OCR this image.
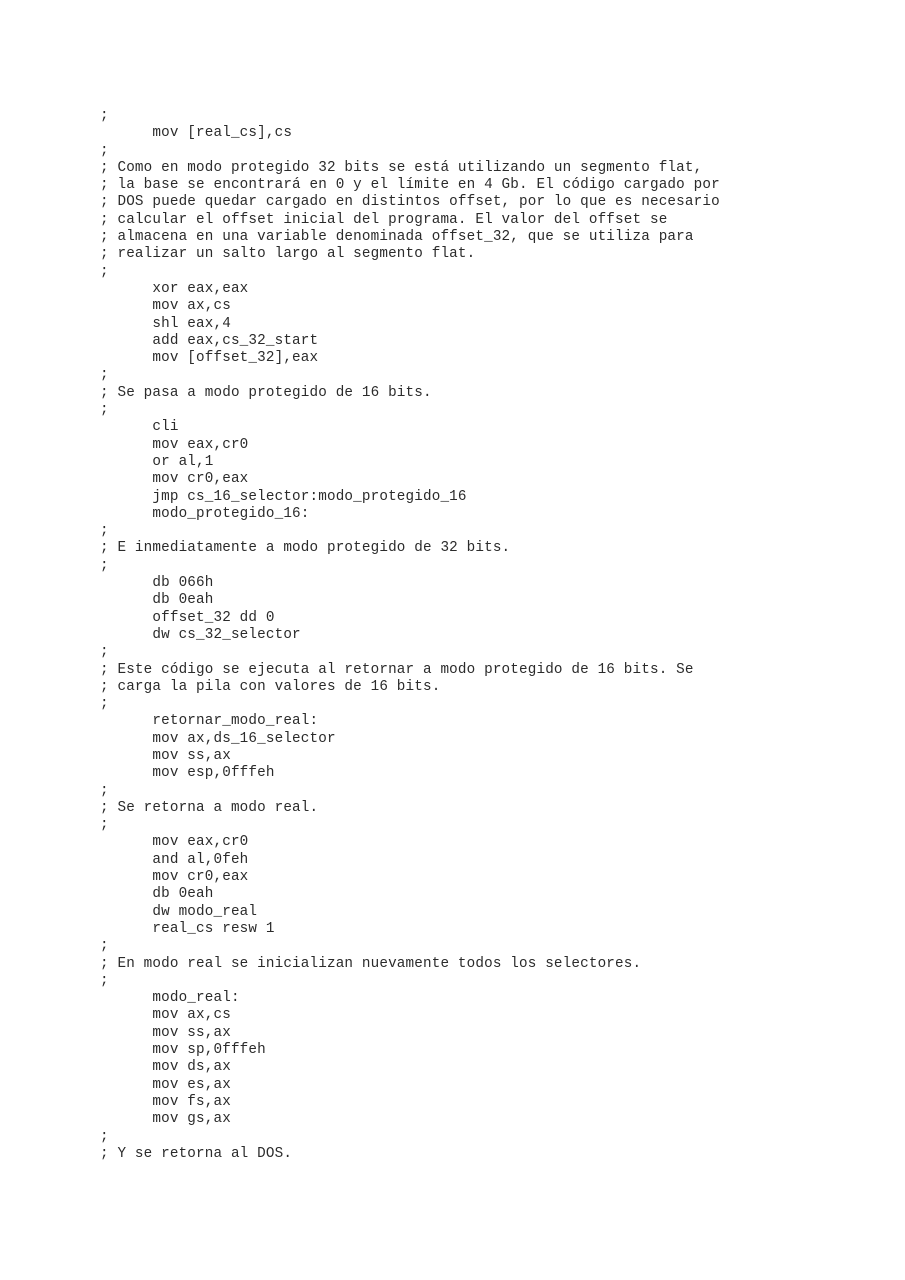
;
mov [real_cs],cs
;
; Como en modo protegido 32 bits se está utilizando un segmento flat,
; la base se encontrará en 0 y el límite en 4 Gb. El código cargado por
; DOS puede quedar cargado en distintos offset, por lo que es necesario
; calcular el offset inicial del programa. El valor del offset se
; almacena en una variable denominada offset_32, que se utiliza para
; realizar un salto largo al segmento flat.
;
xor eax,eax
mov ax,cs
shl eax,4
add eax,cs_32_start
mov [offset_32],eax
;
; Se pasa a modo protegido de 16 bits.
;
cli
mov eax,cr0
or al,1
mov cr0,eax
jmp cs_16_selector:modo_protegido_16
modo_protegido_16:
;
; E inmediatamente a modo protegido de 32 bits.
;
db 066h
db 0eah
offset_32 dd 0
dw cs_32_selector
;
; Este código se ejecuta al retornar a modo protegido de 16 bits. Se
; carga la pila con valores de 16 bits.
;
retornar_modo_real:
mov ax,ds_16_selector
mov ss,ax
mov esp,0fffeh
;
; Se retorna a modo real.
;
mov eax,cr0
and al,0feh
mov cr0,eax
db 0eah
dw modo_real
real_cs resw 1
;
; En modo real se inicializan nuevamente todos los selectores.
;
modo_real:
mov ax,cs
mov ss,ax
mov sp,0fffeh
mov ds,ax
mov es,ax
mov fs,ax
mov gs,ax
;
; Y se retorna al DOS.
